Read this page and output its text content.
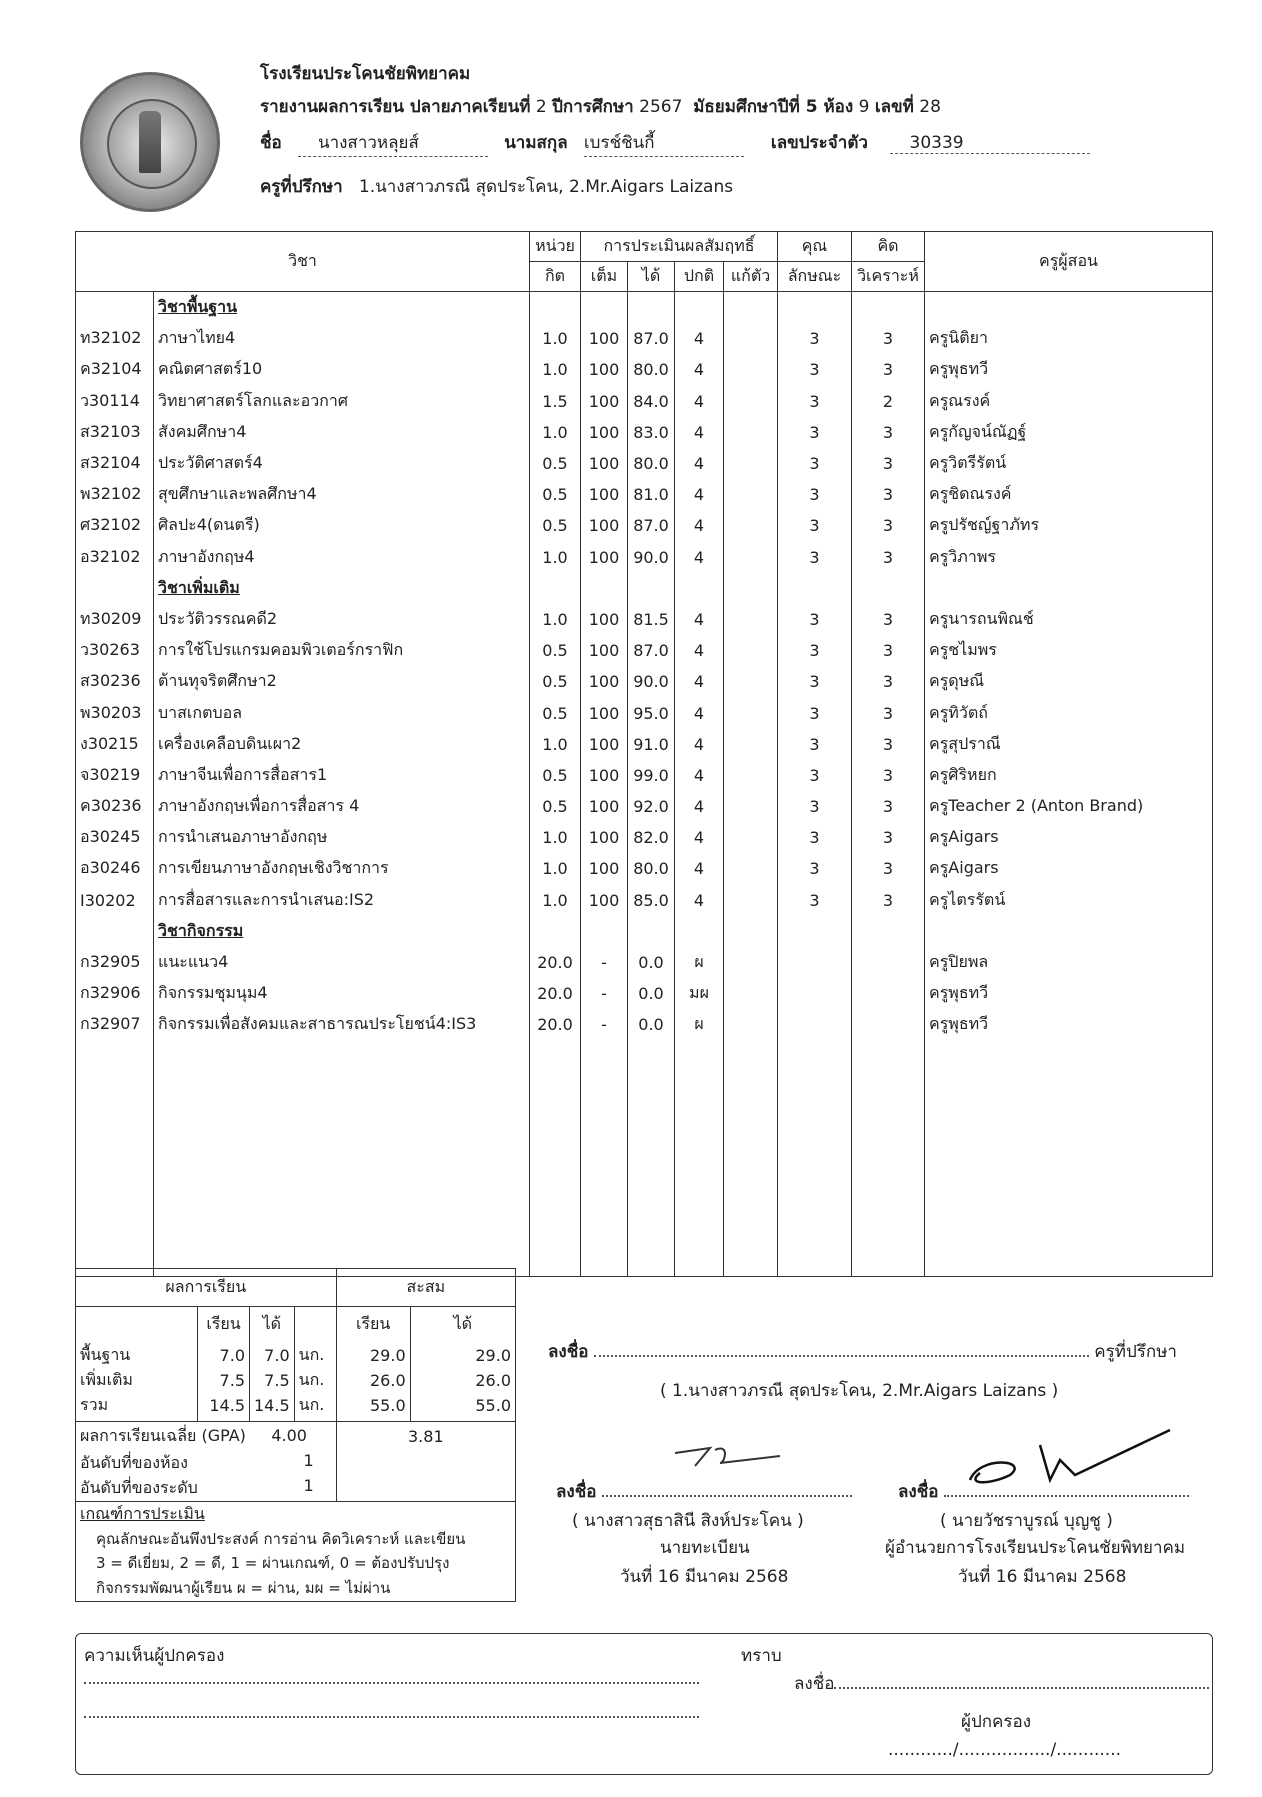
โรงเรียนประโคนชัยพิทยาคม
รายงานผลการเรียน ปลายภาคเรียนที่ 2 ปีการศึกษา 2567 มัธยมศึกษาปีที่ 5 ห้อง 9 เลขที่ 28
ชื่อ นางสาวหลุยส์	นามสกุล เบรช์ชินกี้	เลขประจำตัว 30339
ครูที่ปรึกษา 1.นางสาวภรณี สุดประโคน, 2.Mr.Aigars Laizans
วิชา		หน่วย	การประเมินผลสัมฤทธิ์				คุณ	คิด	ครูผู้สอน
		กิต	เต็ม	ได้	ปกติ	แก้ตัว	ลักษณะ	วิเคราะห์	
	วิชาพื้นฐาน								
ท32102	ภาษาไทย4	1.0	100	87.0	4		3	3	ครูนิติยา
ค32104	คณิตศาสตร์10	1.0	100	80.0	4		3	3	ครูพุธทวี
ว30114	วิทยาศาสตร์โลกและอวกาศ	1.5	100	84.0	4		3	2	ครูณรงค์
ส32103	สังคมศึกษา4	1.0	100	83.0	4		3	3	ครูกัญจน์ณัฏฐ์
ส32104	ประวัติศาสตร์4	0.5	100	80.0	4		3	3	ครูวิตรีรัตน์
พ32102	สุขศึกษาและพลศึกษา4	0.5	100	81.0	4		3	3	ครูชิดณรงค์
ศ32102	ศิลปะ4(ดนตรี)	0.5	100	87.0	4		3	3	ครูปรัชญ์ฐาภัทร
อ32102	ภาษาอังกฤษ4	1.0	100	90.0	4		3	3	ครูวิภาพร
	วิชาเพิ่มเติม								
ท30209	ประวัติวรรณคดี2	1.0	100	81.5	4		3	3	ครูนารถนพิณช์
ว30263	การใช้โปรแกรมคอมพิวเตอร์กราฟิก	0.5	100	87.0	4		3	3	ครูชไมพร
ส30236	ต้านทุจริตศึกษา2	0.5	100	90.0	4		3	3	ครูดุษณี
พ30203	บาสเกตบอล	0.5	100	95.0	4		3	3	ครูทิวัตถ์
ง30215	เครื่องเคลือบดินเผา2	1.0	100	91.0	4		3	3	ครูสุปราณี
จ30219	ภาษาจีนเพื่อการสื่อสาร1	0.5	100	99.0	4		3	3	ครูศิริหยก
ค30236	ภาษาอังกฤษเพื่อการสื่อสาร 4	0.5	100	92.0	4		3	3	ครูTeacher 2 (Anton Brand)
อ30245	การนำเสนอภาษาอังกฤษ	1.0	100	82.0	4		3	3	ครูAigars
อ30246	การเขียนภาษาอังกฤษเชิงวิชาการ	1.0	100	80.0	4		3	3	ครูAigars
I30202	การสื่อสารและการนำเสนอ:IS2	1.0	100	85.0	4		3	3	ครูไตรรัตน์
	วิชากิจกรรม								
ก32905	แนะแนว4	20.0	-	0.0	ผ				ครูปิยพล
ก32906	กิจกรรมชุมนุม4	20.0	-	0.0	มผ				ครูพุธทวี
ก32907	กิจกรรมเพื่อสังคมและสาธารณประโยชน์4:IS3	20.0	-	0.0	ผ				ครูพุธทวี

ผลการเรียน				สะสม	
	เรียน	ได้		เรียน	ได้
พื้นฐาน	7.0	7.0	นก.	29.0	29.0
เพิ่มเติม	7.5	7.5	นก.	26.0	26.0
รวม	14.5	14.5	นก.	55.0	55.0
ผลการเรียนเฉลี่ย (GPA) 4.00				3.81	
อันดับที่ของห้อง 1					

อันดับที่ของระดับ 1					

เกณฑ์การประเมิน					
คุณลักษณะอันพึงประสงค์ การอ่าน คิดวิเคราะห์ และเขียน					
3 = ดีเยี่ยม, 2 = ดี, 1 = ผ่านเกณฑ์, 0 = ต้องปรับปรุง					
กิจกรรมพัฒนาผู้เรียน ผ = ผ่าน, มผ = ไม่ผ่าน					
ลงชื่อ	ครูที่ปรึกษา
( 1.นางสาวภรณี สุดประโคน, 2.Mr.Aigars Laizans )
ลงชื่อ
( นางสาวสุธาสินี สิงห์ประโคน )
นายทะเบียน
วันที่ 16 มีนาคม 2568
ลงชื่อ
( นายวัชราบูรณ์ บุญชู )
ผู้อำนวยการโรงเรียนประโคนชัยพิทยาคม
วันที่ 16 มีนาคม 2568
ความเห็นผู้ปกครอง	ทราบ
ลงชื่อ
ผู้ปกครอง
............/................./............
